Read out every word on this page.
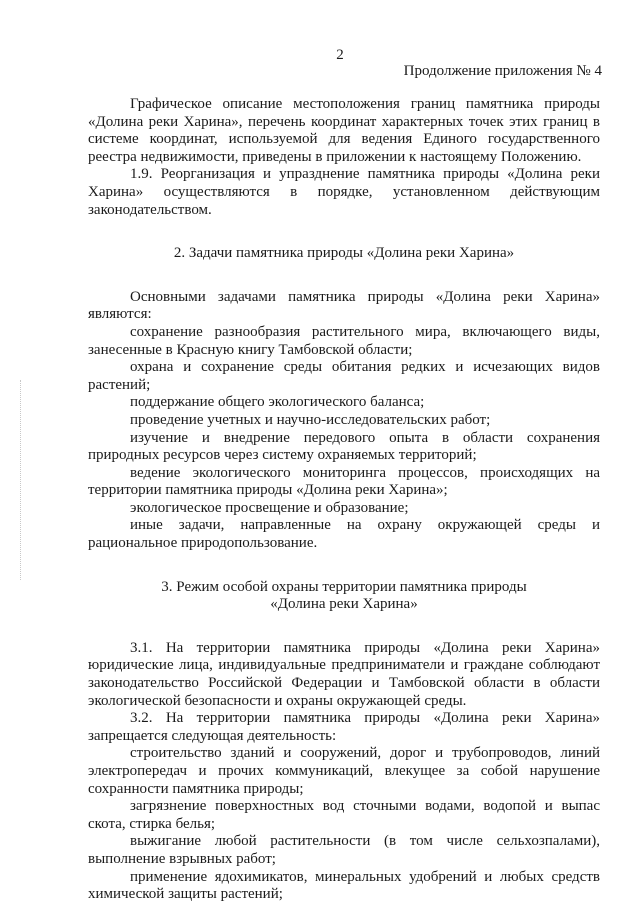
2
Продолжение приложения № 4

Графическое описание местоположения границ памятника природы «Долина реки Харина», перечень координат характерных точек этих границ в системе координат, используемой для ведения Единого государственного реестра недвижимости, приведены в приложении к настоящему Положению.

1.9. Реорганизация и упразднение памятника природы «Долина реки Харина» осуществляются в порядке, установленном действующим законодательством.

2. Задачи памятника природы «Долина реки Харина»

Основными задачами памятника природы «Долина реки Харина» являются:

сохранение разнообразия растительного мира, включающего виды, занесенные в Красную книгу Тамбовской области;

охрана и сохранение среды обитания редких и исчезающих видов растений;

поддержание общего экологического баланса;

проведение учетных и научно-исследовательских работ;

изучение и внедрение передового опыта в области сохранения природных ресурсов через систему охраняемых территорий;

ведение экологического мониторинга процессов, происходящих на территории памятника природы «Долина реки Харина»;

экологическое просвещение и образование;

иные задачи, направленные на охрану окружающей среды и рациональное природопользование.

3. Режим особой охраны территории памятника природы

«Долина реки Харина»

3.1. На территории памятника природы «Долина реки Харина» юридические лица, индивидуальные предприниматели и граждане соблюдают законодательство Российской Федерации и Тамбовской области в области экологической безопасности и охраны окружающей среды.

3.2. На территории памятника природы «Долина реки Харина» запрещается следующая деятельность:

строительство зданий и сооружений, дорог и трубопроводов, линий электропередач и прочих коммуникаций, влекущее за собой нарушение сохранности памятника природы;

загрязнение поверхностных вод сточными водами, водопой и выпас скота, стирка белья;

выжигание любой растительности (в том числе сельхозпалами), выполнение взрывных работ;

применение ядохимикатов, минеральных удобрений и любых средств химической защиты растений;
